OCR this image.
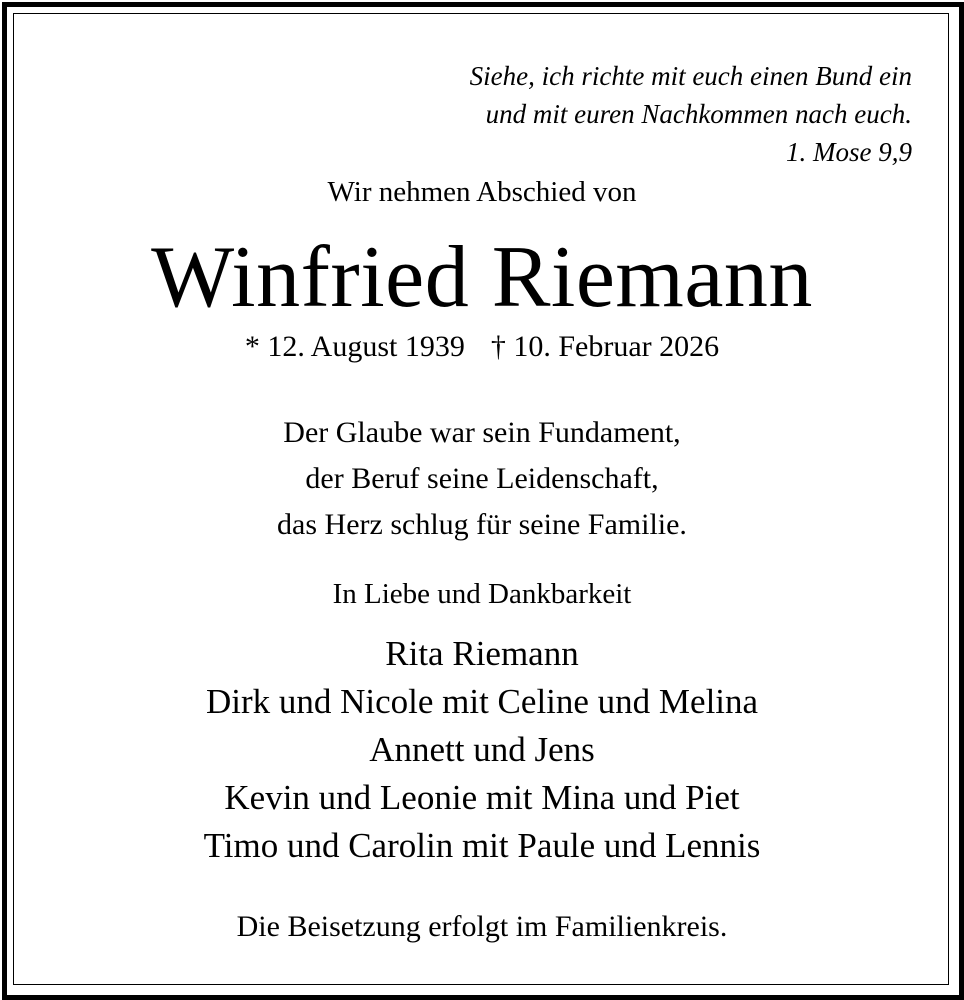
Siehe, ich richte mit euch einen Bund ein
und mit euren Nachkommen nach euch.
1. Mose 9,9
Wir nehmen Abschied von
Winfried Riemann
* 12. August 1939 † 10. Februar 2026
Der Glaube war sein Fundament,
der Beruf seine Leidenschaft,
das Herz schlug für seine Familie.
In Liebe und Dankbarkeit
Rita Riemann
Dirk und Nicole mit Celine und Melina
Annett und Jens
Kevin und Leonie mit Mina und Piet
Timo und Carolin mit Paule und Lennis
Die Beisetzung erfolgt im Familienkreis.
